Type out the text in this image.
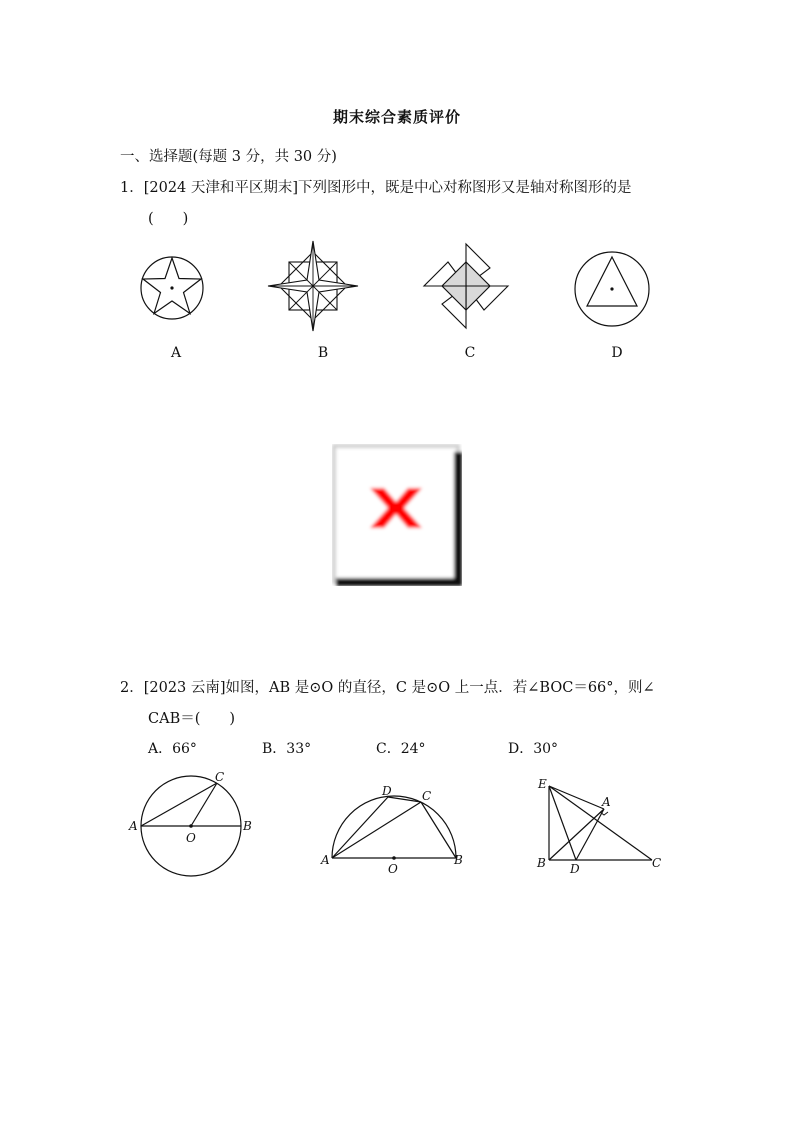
期末综合素质评价
一、选择题(每题 3 分，共 30 分)
1．[2024 天津和平区期末]下列图形中，既是中心对称图形又是轴对称图形的是
(　　)
A	B	C	D
2．[2023 云南]如图，AB 是⊙O 的直径，C 是⊙O 上一点．若∠BOC＝66°，则∠
CAB＝(　　)
A．66°	B．33°	C．24°	D．30°
A	B
C
O
A	B
C
D
O
E
B D	C
A
